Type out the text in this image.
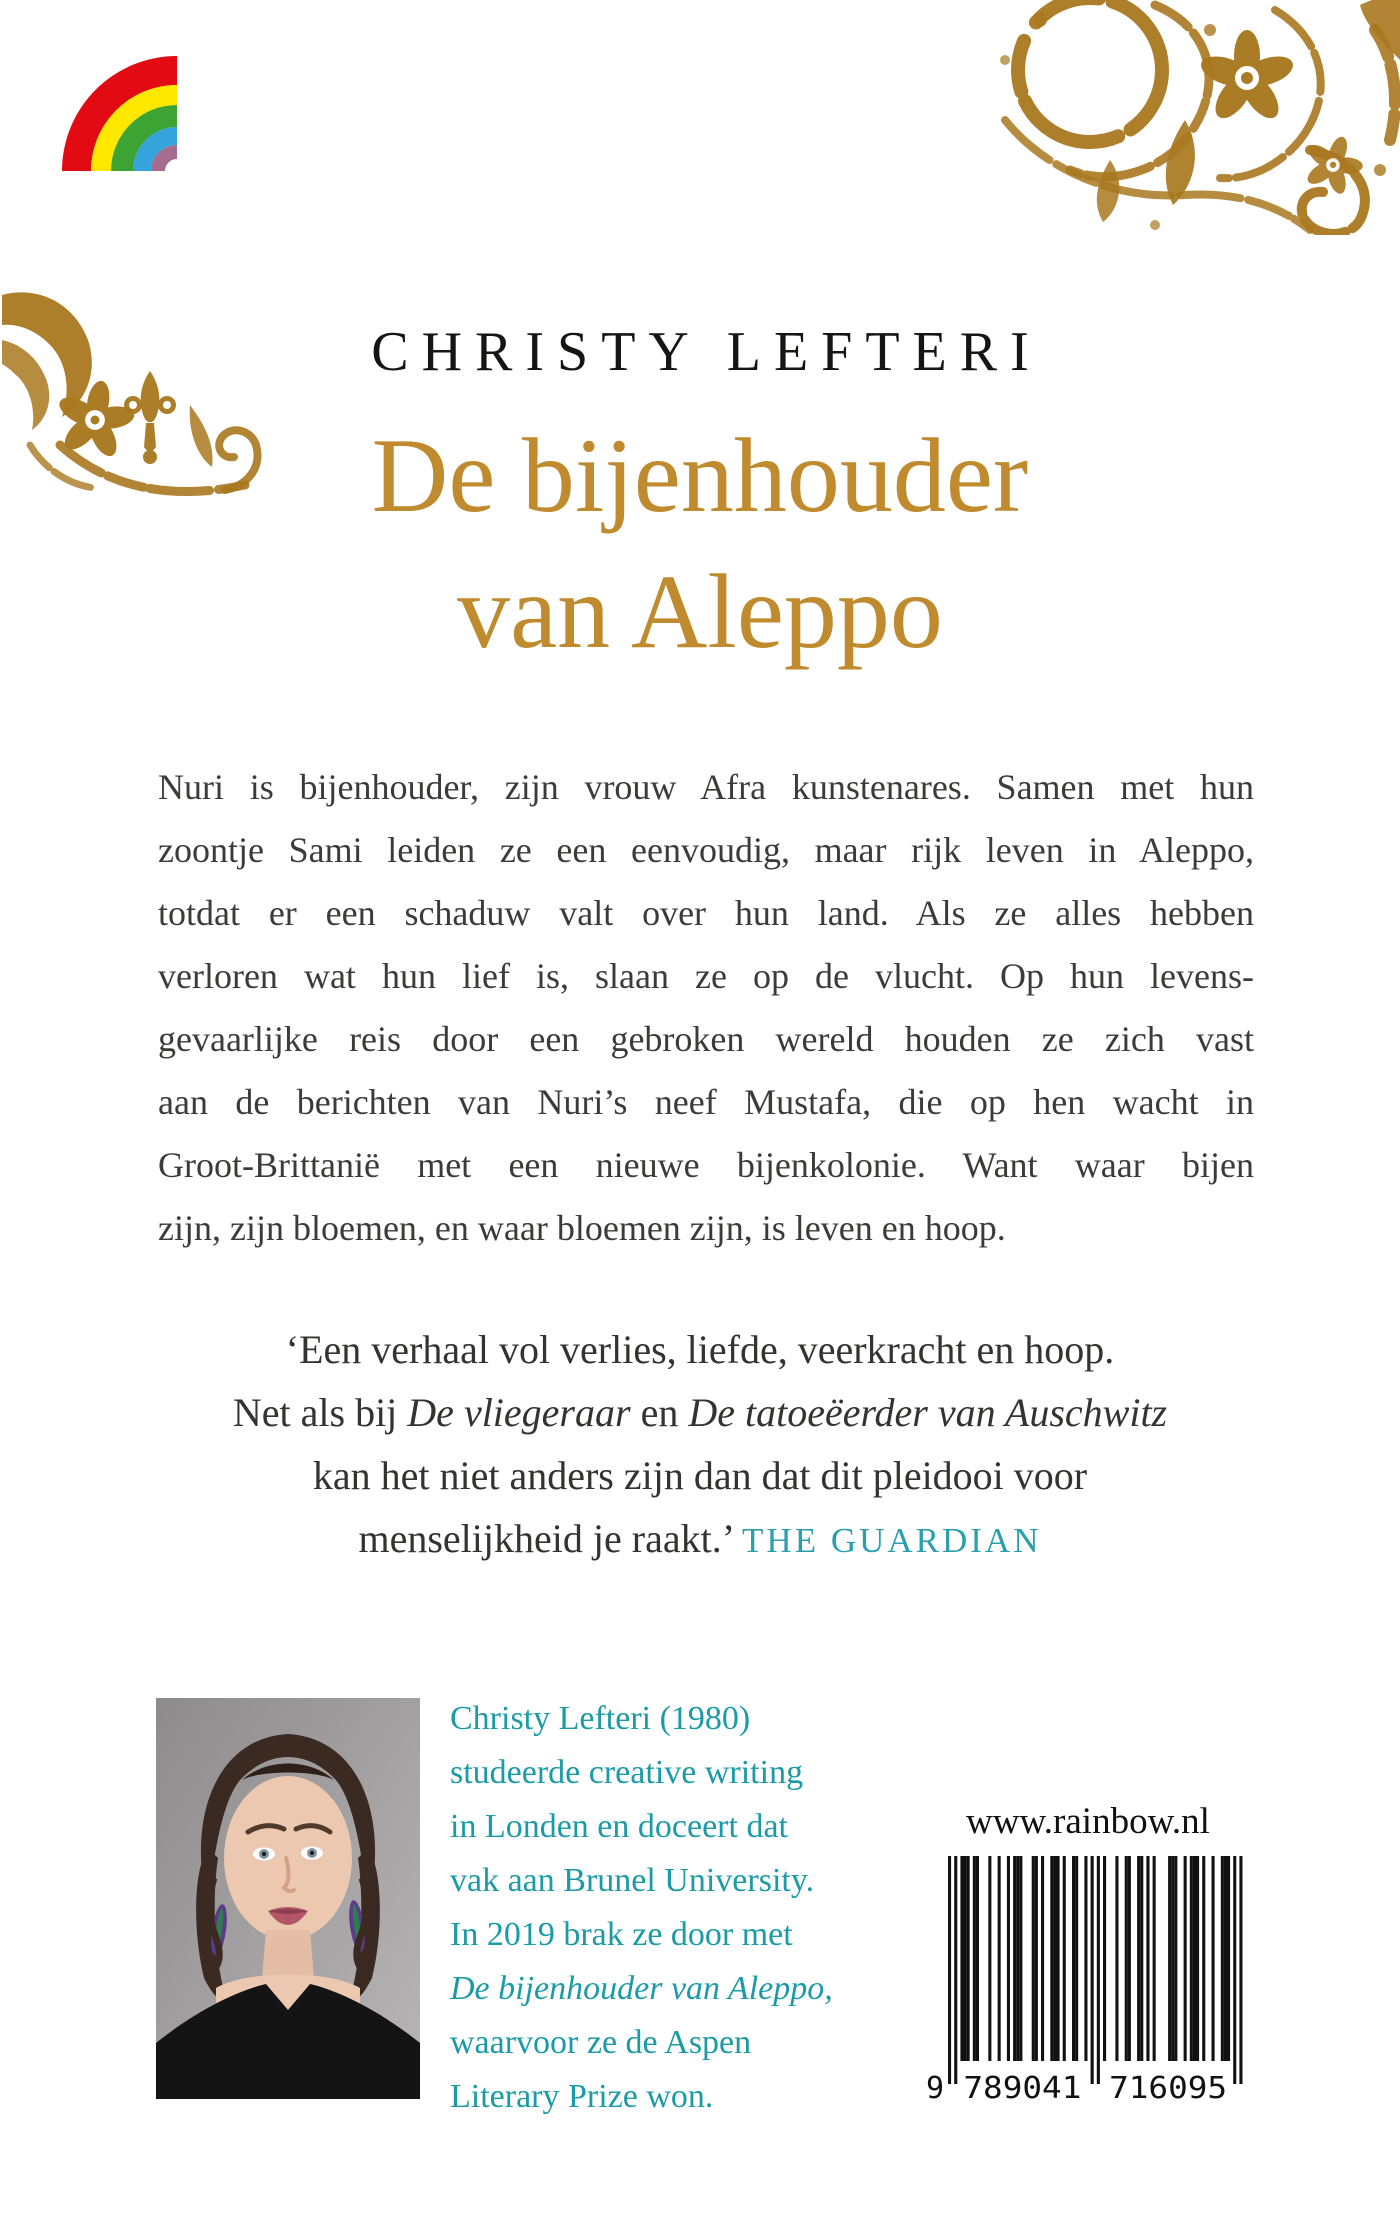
CHRISTY LEFTERI
De bijenhouder
van Aleppo
Nuri is bijenhouder, zijn vrouw Afra kunstenares. Samen met hun
zoontje Sami leiden ze een eenvoudig, maar rijk leven in Aleppo,
totdat er een schaduw valt over hun land. Als ze alles hebben
verloren wat hun lief is, slaan ze op de vlucht. Op hun levens-
gevaarlijke reis door een gebroken wereld houden ze zich vast
aan de berichten van Nuri’s neef Mustafa, die op hen wacht in
Groot-Brittanië met een nieuwe bijenkolonie. Want waar bijen
zijn, zijn bloemen, en waar bloemen zijn, is leven en hoop.
‘Een verhaal vol verlies, liefde, veerkracht en hoop.
Net als bij De vliegeraar en De tatoeëerder van Auschwitz
kan het niet anders zijn dan dat dit pleidooi voor
menselijkheid je raakt.’ THE GUARDIAN
Christy Lefteri (1980)
studeerde creative writing
in Londen en doceert dat
vak aan Brunel University.
In 2019 brak ze door met
De bijenhouder van Aleppo,
waarvoor ze de Aspen
Literary Prize won.
www.rainbow.nl
9 789041 716095
